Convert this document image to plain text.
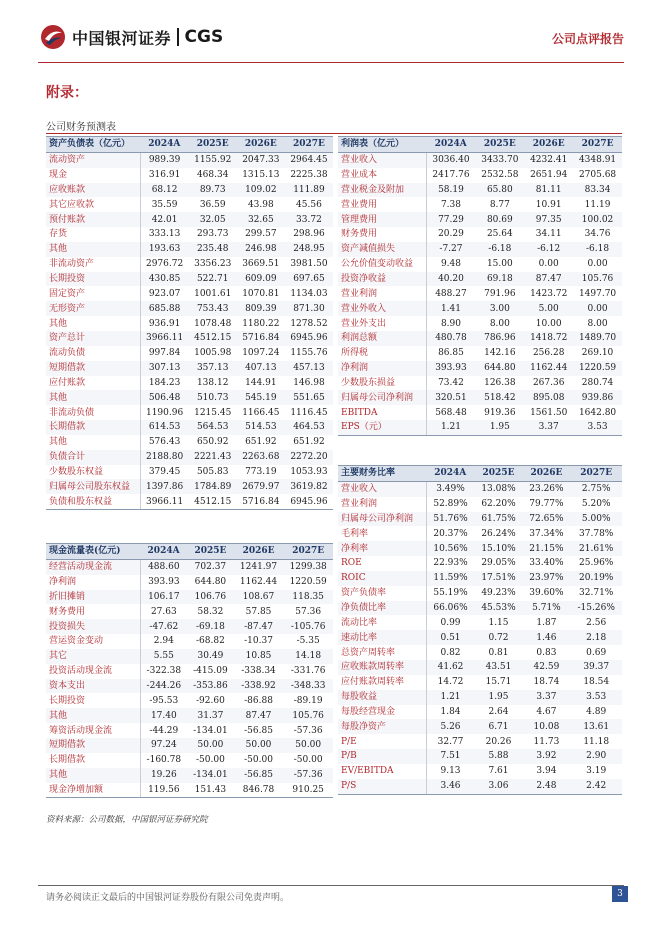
中国银河证券 CGS	公司点评报告
附录：
公司财务预测表
资产负债表（亿元）	2024A	2025E	2026E	2027E
流动资产	989.39	1155.92	2047.33	2964.45
现金	316.91	468.34	1315.13	2225.38
应收账款	68.12	89.73	109.02	111.89
其它应收款	35.59	36.59	43.98	45.56
预付账款	42.01	32.05	32.65	33.72
存货	333.13	293.73	299.57	298.96
其他	193.63	235.48	246.98	248.95
非流动资产	2976.72	3356.23	3669.51	3981.50
长期投资	430.85	522.71	609.09	697.65
固定资产	923.07	1001.61	1070.81	1134.03
无形资产	685.88	753.43	809.39	871.30
其他	936.91	1078.48	1180.22	1278.52
资产总计	3966.11	4512.15	5716.84	6945.96
流动负债	997.84	1005.98	1097.24	1155.76
短期借款	307.13	357.13	407.13	457.13
应付账款	184.23	138.12	144.91	146.98
其他	506.48	510.73	545.19	551.65
非流动负债	1190.96	1215.45	1166.45	1116.45
长期借款	614.53	564.53	514.53	464.53
其他	576.43	650.92	651.92	651.92
负债合计	2188.80	2221.43	2263.68	2272.20
少数股东权益	379.45	505.83	773.19	1053.93
归属母公司股东权益	1397.86	1784.89	2679.97	3619.82
负债和股东权益	3966.11	4512.15	5716.84	6945.96
利润表（亿元）	2024A	2025E	2026E	2027E
营业收入	3036.40	3433.70	4232.41	4348.91
营业成本	2417.76	2532.58	2651.94	2705.68
营业税金及附加	58.19	65.80	81.11	83.34
营业费用	7.38	8.77	10.91	11.19
管理费用	77.29	80.69	97.35	100.02
财务费用	20.29	25.64	34.11	34.76
资产减值损失	-7.27	-6.18	-6.12	-6.18
公允价值变动收益	9.48	15.00	0.00	0.00
投资净收益	40.20	69.18	87.47	105.76
营业利润	488.27	791.96	1423.72	1497.70
营业外收入	1.41	3.00	5.00	0.00
营业外支出	8.90	8.00	10.00	8.00
利润总额	480.78	786.96	1418.72	1489.70
所得税	86.85	142.16	256.28	269.10
净利润	393.93	644.80	1162.44	1220.59
少数股东损益	73.42	126.38	267.36	280.74
归属母公司净利润	320.51	518.42	895.08	939.86
EBITDA	568.48	919.36	1561.50	1642.80
EPS（元）	1.21	1.95	3.37	3.53
现金流量表(亿元)	2024A	2025E	2026E	2027E
经营活动现金流	488.60	702.37	1241.97	1299.38
净利润	393.93	644.80	1162.44	1220.59
折旧摊销	106.17	106.76	108.67	118.35
财务费用	27.63	58.32	57.85	57.36
投资损失	-47.62	-69.18	-87.47	-105.76
营运资金变动	2.94	-68.82	-10.37	-5.35
其它	5.55	30.49	10.85	14.18
投资活动现金流	-322.38	-415.09	-338.34	-331.76
资本支出	-244.26	-353.86	-338.92	-348.33
长期投资	-95.53	-92.60	-86.88	-89.19
其他	17.40	31.37	87.47	105.76
筹资活动现金流	-44.29	-134.01	-56.85	-57.36
短期借款	97.24	50.00	50.00	50.00
长期借款	-160.78	-50.00	-50.00	-50.00
其他	19.26	-134.01	-56.85	-57.36
现金净增加额	119.56	151.43	846.78	910.25
主要财务比率	2024A	2025E	2026E	2027E
营业收入	3.49%	13.08%	23.26%	2.75%
营业利润	52.89%	62.20%	79.77%	5.20%
归属母公司净利润	51.76%	61.75%	72.65%	5.00%
毛利率	20.37%	26.24%	37.34%	37.78%
净利率	10.56%	15.10%	21.15%	21.61%
ROE	22.93%	29.05%	33.40%	25.96%
ROIC	11.59%	17.51%	23.97%	20.19%
资产负债率	55.19%	49.23%	39.60%	32.71%
净负债比率	66.06%	45.53%	5.71%	-15.26%
流动比率	0.99	1.15	1.87	2.56
速动比率	0.51	0.72	1.46	2.18
总资产周转率	0.82	0.81	0.83	0.69
应收账款周转率	41.62	43.51	42.59	39.37
应付账款周转率	14.72	15.71	18.74	18.54
每股收益	1.21	1.95	3.37	3.53
每股经营现金	1.84	2.64	4.67	4.89
每股净资产	5.26	6.71	10.08	13.61
P/E	32.77	20.26	11.73	11.18
P/B	7.51	5.88	3.92	2.90
EV/EBITDA	9.13	7.61	3.94	3.19
P/S	3.46	3.06	2.48	2.42
资料来源：公司数据，中国银河证券研究院
请务必阅读正文最后的中国银河证券股份有限公司免责声明。	3
